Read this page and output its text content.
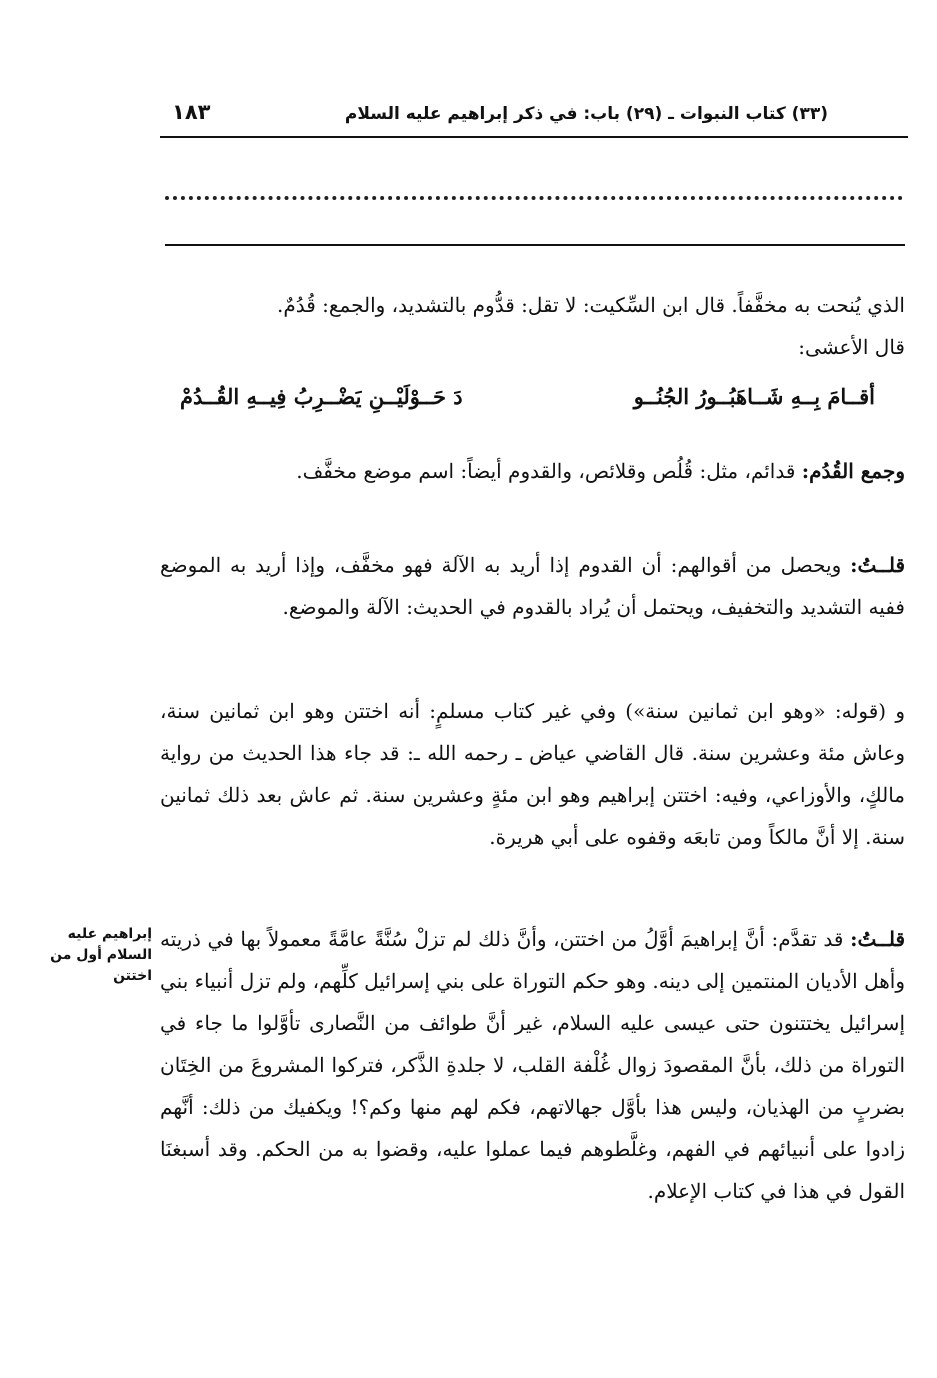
(٣٣) كتاب النبوات ـ (٢٩) باب: في ذكر إبراهيم عليه السلام
١٨٣

الذي يُنحت به مخفَّفاً. قال ابن السِّكيت: لا تقل: قدُّوم بالتشديد، والجمع: قُدُمٌ.

قال الأعشى:

أقــامَ بِــهِ شَــاهَبُــورُ الجُنُــو
دَ حَــوْلَيْــنِ يَضْــرِبُ فِيــهِ القُــدُمْ

وجمع القُدُم: قدائم، مثل: قُلُص وقلائص، والقدوم أيضاً: اسم موضع مخفَّف.

قلــتُ: ويحصل من أقوالهم: أن القدوم إذا أريد به الآلة فهو مخفَّف، وإذا أريد به الموضع ففيه التشديد والتخفيف، ويحتمل أن يُراد بالقدوم في الحديث: الآلة والموضع.

و (قوله: «وهو ابن ثمانين سنة») وفي غير كتاب مسلمٍ: أنه اختتن وهو ابن ثمانين سنة، وعاش مئة وعشرين سنة. قال القاضي عياض ـ رحمه الله ـ: قد جاء هذا الحديث من رواية مالكٍ، والأوزاعي، وفيه: اختتن إبراهيم وهو ابن مئةٍ وعشرين سنة. ثم عاش بعد ذلك ثمانين سنة. إلا أنَّ مالكاً ومن تابعَه وقفوه على أبي هريرة.

قلــتُ: قد تقدَّم: أنَّ إبراهيمَ أوَّلُ من اختتن، وأنَّ ذلك لم تزلْ سُنَّةً عامَّةً معمولاً بها في ذريته وأهل الأديان المنتمين إلى دينه. وهو حكم التوراة على بني إسرائيل كلِّهم، ولم تزل أنبياء بني إسرائيل يختتنون حتى عيسى عليه السلام، غير أنَّ طوائف من النَّصارى تأوَّلوا ما جاء في التوراة من ذلك، بأنَّ المقصودَ زوال غُلْفة القلب، لا جلدةِ الذَّكر، فتركوا المشروعَ من الخِتَان بضربٍ من الهذيان، وليس هذا بأوَّل جهالاتهم، فكم لهم منها وكم؟! ويكفيك من ذلك: أنَّهم زادوا على أنبيائهم في الفهم، وغلَّطوهم فيما عملوا عليه، وقضوا به من الحكم. وقد أسبغنَا القول في هذا في كتاب الإعلام.

إبراهيم عليه السلام أول من اختتن
